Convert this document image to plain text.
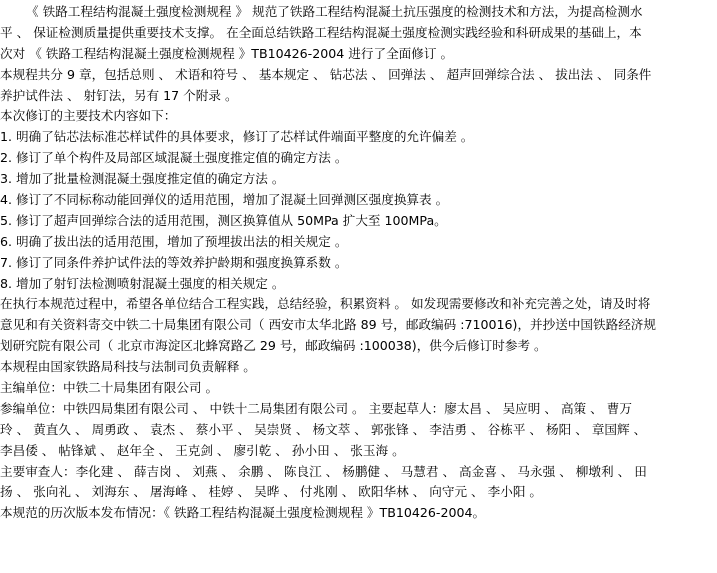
《 铁路工程结构混凝土强度检测规程 》 规范了铁路工程结构混凝土抗压强度的检测技术和方法，为提高检测水
平 、 保证检测质量提供重要技术支撑。 在全面总结铁路工程结构混凝土强度检测实践经验和科研成果的基础上，本
次对 《 铁路工程结构混凝土强度检测规程 》TB10426-2004 进行了全面修订 。
本规程共分 9 章，包括总则 、 术语和符号 、 基本规定 、 钻芯法 、 回弹法 、 超声回弹综合法 、 拔出法 、 同条件
养护试件法 、 射钉法，另有 17 个附录 。
本次修订的主要技术内容如下：
1. 明确了钻芯法标准芯样试件的具体要求，修订了芯样试件端面平整度的允许偏差 。
2. 修订了单个构件及局部区域混凝土强度推定值的确定方法 。
3. 增加了批量检测混凝土强度推定值的确定方法 。
4. 修订了不同标称动能回弹仪的适用范围，增加了混凝土回弹测区强度换算表 。
5. 修订了超声回弹综合法的适用范围，测区换算值从 50MPa 扩大至 100MPa。
6. 明确了拔出法的适用范围，增加了预埋拔出法的相关规定 。
7. 修订了同条件养护试件法的等效养护龄期和强度换算系数 。
8. 增加了射钉法检测喷射混凝土强度的相关规定 。
在执行本规范过程中，希望各单位结合工程实践，总结经验，积累资料 。 如发现需要修改和补充完善之处，请及时将
意见和有关资料寄交中铁二十局集团有限公司（ 西安市太华北路 89 号，邮政编码 :710016)，并抄送中国铁路经济规
划研究院有限公司（ 北京市海淀区北蜂窝路乙 29 号，邮政编码 :100038)，供今后修订时参考 。
本规程由国家铁路局科技与法制司负责解释 。
主编单位：中铁二十局集团有限公司 。
参编单位：中铁四局集团有限公司 、 中铁十二局集团有限公司 。 主要起草人：廖太昌 、 吴应明 、 高策 、 曹万
玲 、 黄直久 、 周勇政 、 袁杰 、 蔡小平 、 吴崇贤 、 杨文萃 、 郭张锋 、 李洁勇 、 谷栋平 、 杨阳 、 章国辉 、
李昌倭 、 帖锋斌 、 赵年全 、 王克剑 、 廖引乾 、 孙小田 、 张玉海 。
主要审查人：李化建 、 薛吉岗 、 刘燕 、 余鹏 、 陈良江 、 杨鹏健 、 马慧君 、 高金喜 、 马永强 、 柳墩利 、 田
扬 、 张向礼 、 刘海东 、 屠海峰 、 桂婷 、 吴晔 、 付兆刚 、 欧阳华林 、 向守元 、 李小阳 。
本规范的历次版本发布情况：《 铁路工程结构混凝土强度检测规程 》TB10426-2004。
